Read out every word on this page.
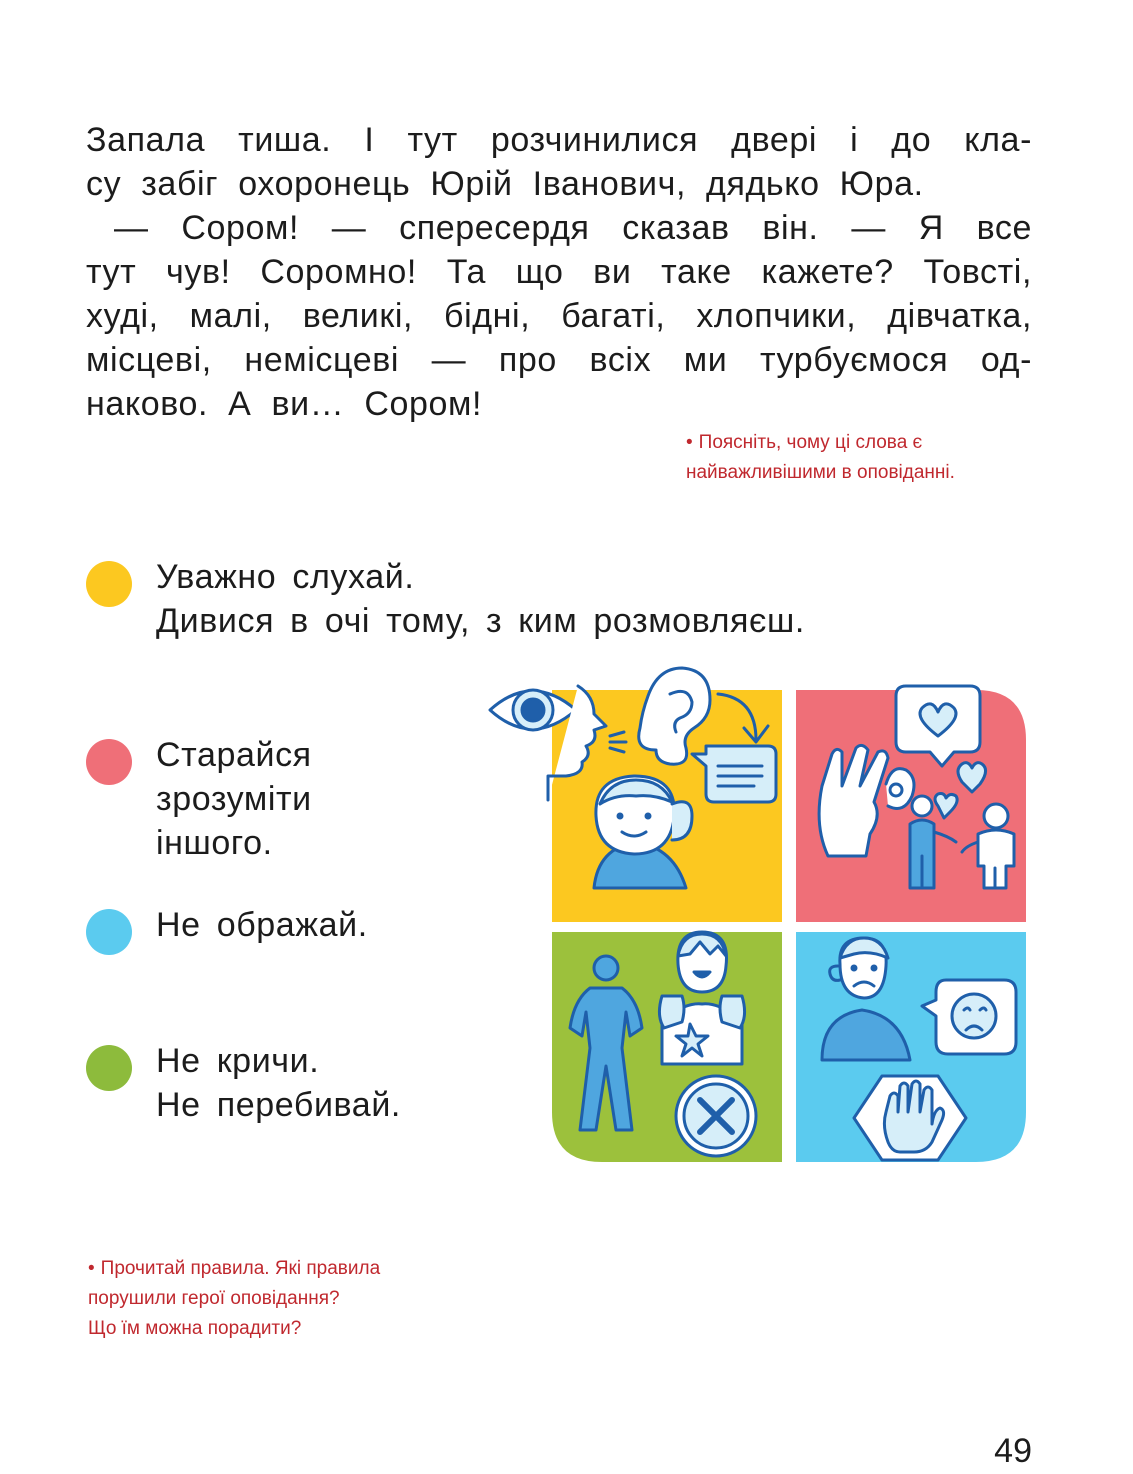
Запала тиша. І тут розчинилися двері і до кла-

су забіг охоронець Юрій Іванович, дядько Юра.

— Сором! — спересердя сказав він. — Я все

тут чув! Соромно! Та що ви таке кажете? Товсті,

худі, малі, великі, бідні, багаті, хлопчики, дівчатка,

місцеві, немісцеві — про всіх ми турбуємося од-

наково. А ви… Сором!

• Поясніть, чому ці слова є
найважливішими в оповіданні.
Уважно слухай.
Дивися в очі тому, з ким розмовляєш.
Старайся
зрозуміти
іншого.
Не ображай.
Не кричи.
Не перебивай.
• Прочитай правила. Які правила
порушили герої оповідання?
Що їм можна порадити?
49
